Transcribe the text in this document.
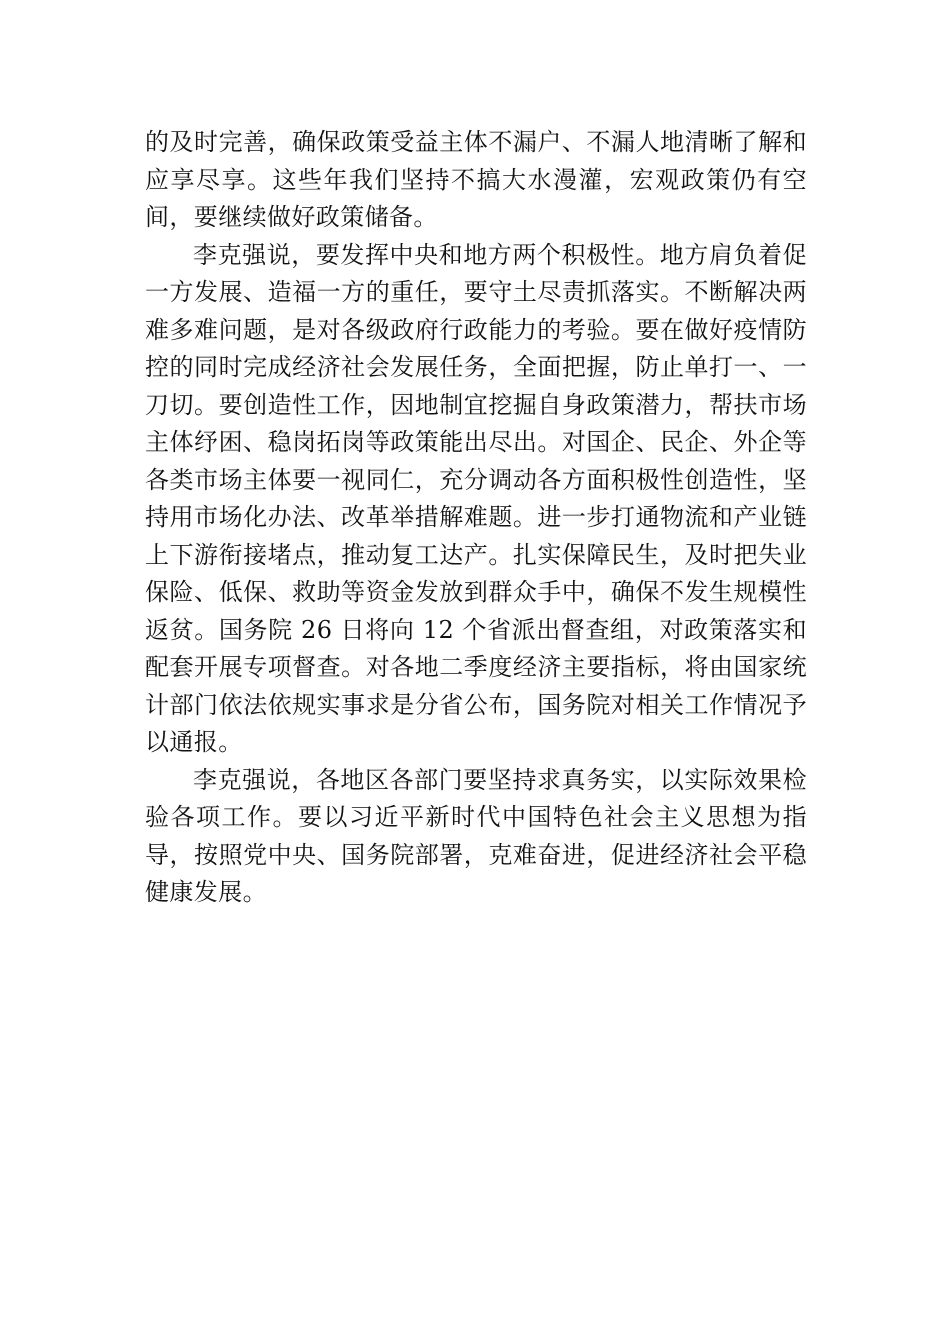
的及时完善，确保政策受益主体不漏户、不漏人地清晰了解和应享尽享。这些年我们坚持不搞大水漫灌，宏观政策仍有空间，要继续做好政策储备。

李克强说，要发挥中央和地方两个积极性。地方肩负着促一方发展、造福一方的重任，要守土尽责抓落实。不断解决两难多难问题，是对各级政府行政能力的考验。要在做好疫情防控的同时完成经济社会发展任务，全面把握，防止单打一、一刀切。要创造性工作，因地制宜挖掘自身政策潜力，帮扶市场主体纾困、稳岗拓岗等政策能出尽出。对国企、民企、外企等各类市场主体要一视同仁，充分调动各方面积极性创造性，坚持用市场化办法、改革举措解难题。进一步打通物流和产业链上下游衔接堵点，推动复工达产。扎实保障民生，及时把失业保险、低保、救助等资金发放到群众手中，确保不发生规模性返贫。国务院 26 日将向 12 个省派出督查组，对政策落实和配套开展专项督查。对各地二季度经济主要指标，将由国家统计部门依法依规实事求是分省公布，国务院对相关工作情况予以通报。

李克强说，各地区各部门要坚持求真务实，以实际效果检验各项工作。要以习近平新时代中国特色社会主义思想为指导，按照党中央、国务院部署，克难奋进，促进经济社会平稳健康发展。
